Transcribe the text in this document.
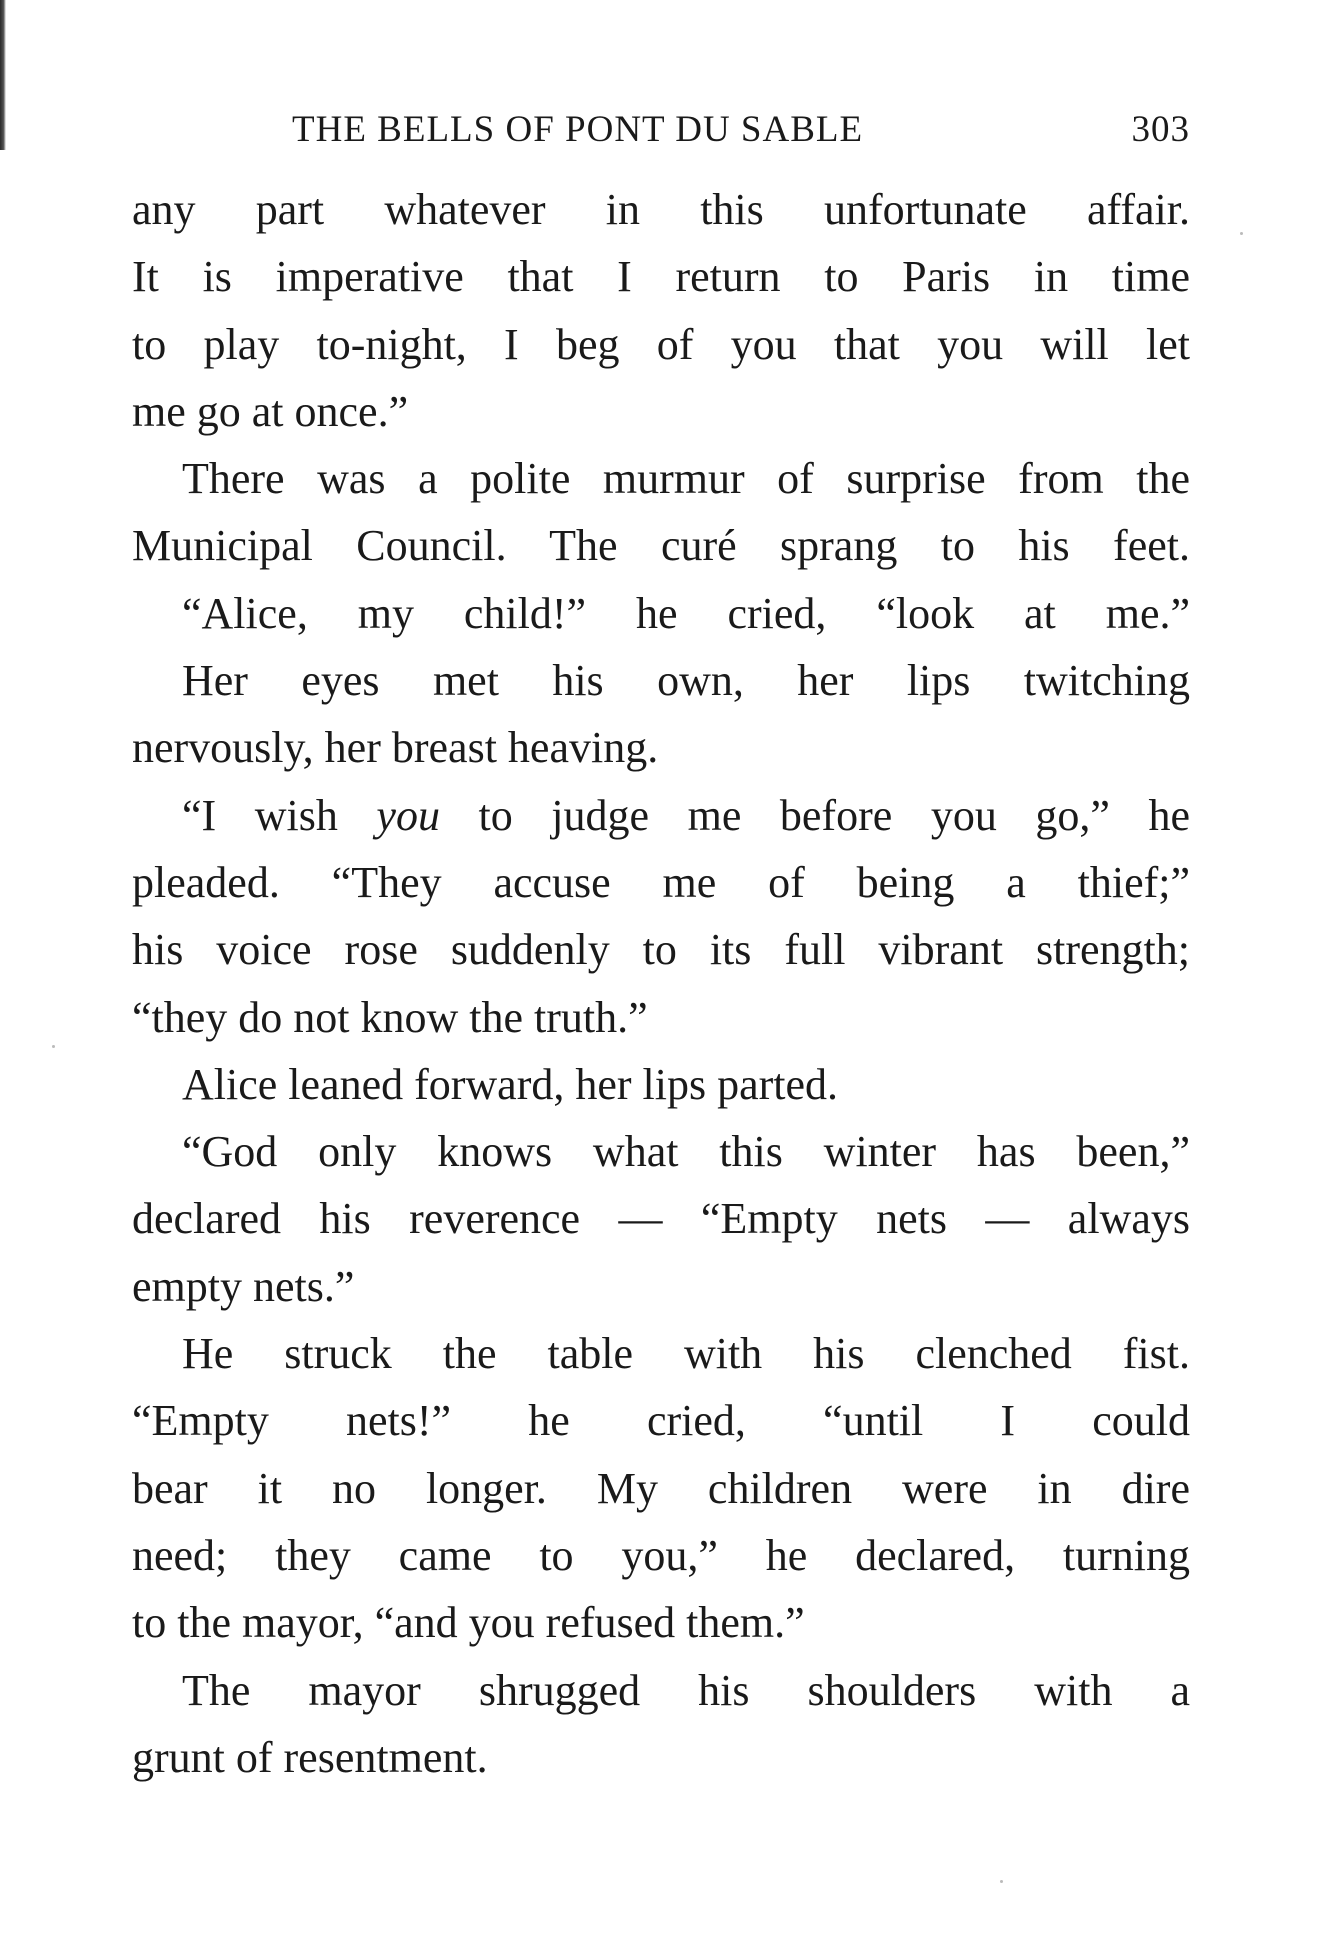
THE BELLS OF PONT DU SABLE	303
any part whatever in this unfortunate affair.
It is imperative that I return to Paris in time
to play to-night, I beg of you that you will let
me go at once.”
There was a polite murmur of surprise from the
Municipal Council. The curé sprang to his feet.
“Alice, my child!” he cried, “look at me.”
Her eyes met his own, her lips twitching
nervously, her breast heaving.
“I wish you to judge me before you go,” he
pleaded. “They accuse me of being a thief;”
his voice rose suddenly to its full vibrant strength;
“they do not know the truth.”
Alice leaned forward, her lips parted.
“God only knows what this winter has been,”
declared his reverence — “Empty nets — always
empty nets.”
He struck the table with his clenched fist.
“Empty nets!” he cried, “until I could
bear it no longer. My children were in dire
need; they came to you,” he declared, turning
to the mayor, “and you refused them.”
The mayor shrugged his shoulders with a
grunt of resentment.
